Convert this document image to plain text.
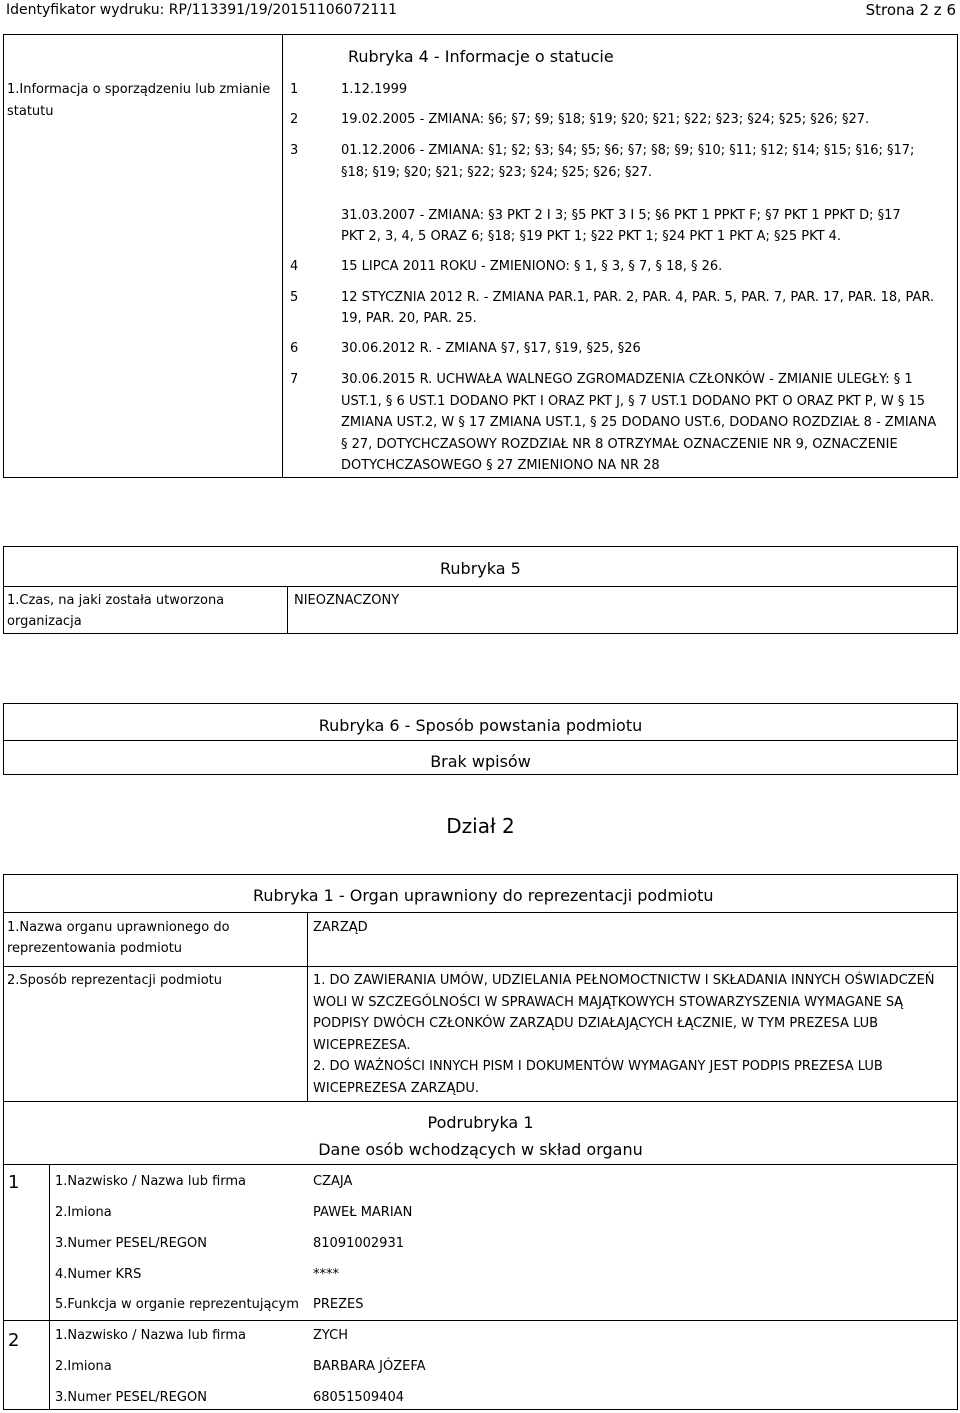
Identyfikator wydruku: RP/113391/19/20151106072111	Strona 2 z 6
Rubryka 4 - Informacje o statucie
1.Informacja o sporządzeniu lub zmianie
statutu
1	1.12.1999
2	19.02.2005 - ZMIANA: §6; §7; §9; §18; §19; §20; §21; §22; §23; §24; §25; §26; §27.
3	01.12.2006 - ZMIANA: §1; §2; §3; §4; §5; §6; §7; §8; §9; §10; §11; §12; §14; §15; §16; §17;
§18; §19; §20; §21; §22; §23; §24; §25; §26; §27.
31.03.2007 - ZMIANA: §3 PKT 2 I 3; §5 PKT 3 I 5; §6 PKT 1 PPKT F; §7 PKT 1 PPKT D; §17
PKT 2, 3, 4, 5 ORAZ 6; §18; §19 PKT 1; §22 PKT 1; §24 PKT 1 PKT A; §25 PKT 4.
4	15 LIPCA 2011 ROKU - ZMIENIONO: § 1, § 3, § 7, § 18, § 26.
5	12 STYCZNIA 2012 R. - ZMIANA PAR.1, PAR. 2, PAR. 4, PAR. 5, PAR. 7, PAR. 17, PAR. 18, PAR.
19, PAR. 20, PAR. 25.
6	30.06.2012 R. - ZMIANA §7, §17, §19, §25, §26
7	30.06.2015 R. UCHWAŁA WALNEGO ZGROMADZENIA CZŁONKÓW - ZMIANIE ULEGŁY: § 1
UST.1, § 6 UST.1 DODANO PKT I ORAZ PKT J, § 7 UST.1 DODANO PKT O ORAZ PKT P, W § 15
ZMIANA UST.2, W § 17 ZMIANA UST.1, § 25 DODANO UST.6, DODANO ROZDZIAŁ 8 - ZMIANA
§ 27, DOTYCHCZASOWY ROZDZIAŁ NR 8 OTRZYMAŁ OZNACZENIE NR 9, OZNACZENIE
DOTYCHCZASOWEGO § 27 ZMIENIONO NA NR 28
Rubryka 5
1.Czas, na jaki została utworzona
organizacja
NIEOZNACZONY
Rubryka 6 - Sposób powstania podmiotu
Brak wpisów
Dział 2
Rubryka 1 - Organ uprawniony do reprezentacji podmiotu
1.Nazwa organu uprawnionego do
reprezentowania podmiotu
ZARZĄD
2.Sposób reprezentacji podmiotu	1. DO ZAWIERANIA UMÓW, UDZIELANIA PEŁNOMOCTNICTW I SKŁADANIA INNYCH OŚWIADCZEŃ
WOLI W SZCZEGÓLNOŚCI W SPRAWACH MAJĄTKOWYCH STOWARZYSZENIA WYMAGANE SĄ
PODPISY DWÓCH CZŁONKÓW ZARZĄDU DZIAŁAJĄCYCH ŁĄCZNIE, W TYM PREZESA LUB
WICEPREZESA.
2. DO WAŻNOŚCI INNYCH PISM I DOKUMENTÓW WYMAGANY JEST PODPIS PREZESA LUB
WICEPREZESA ZARZĄDU.
Podrubryka 1
Dane osób wchodzących w skład organu
1	1.Nazwisko / Nazwa lub firma	CZAJA
2.Imiona	PAWEŁ MARIAN
3.Numer PESEL/REGON	81091002931
4.Numer KRS	****
5.Funkcja w organie reprezentującym PREZES
2	1.Nazwisko / Nazwa lub firma	ZYCH
2.Imiona	BARBARA JÓZEFA
3.Numer PESEL/REGON	68051509404
